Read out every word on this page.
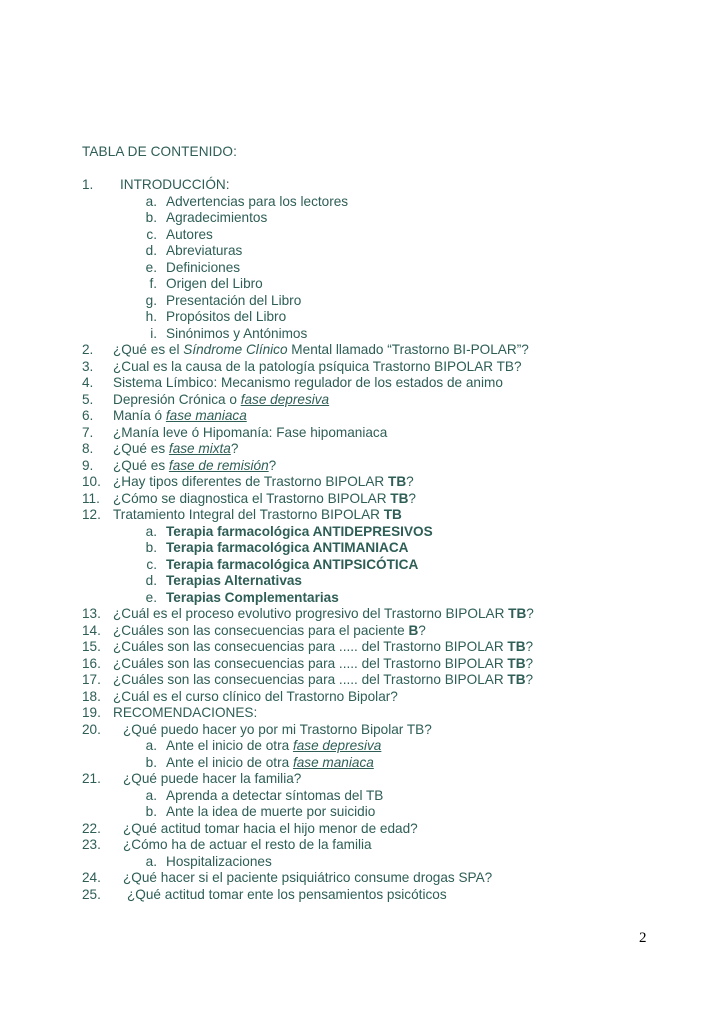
TABLA DE CONTENIDO:
1. INTRODUCCIÓN:
a. Advertencias para los lectores
b. Agradecimientos
c. Autores
d. Abreviaturas
e. Definiciones
f. Origen del Libro
g. Presentación del Libro
h. Propósitos del Libro
i. Sinónimos y Antónimos
2. ¿Qué es el Síndrome Clínico Mental llamado “Trastorno BI-POLAR”?
3. ¿Cual es la causa de la patología psíquica Trastorno BIPOLAR TB?
4. Sistema Límbico: Mecanismo regulador de los estados de animo
5. Depresión Crónica o fase depresiva
6. Manía ó fase maniaca
7. ¿Manía leve ó Hipomanía: Fase hipomaniaca
8. ¿Qué es fase mixta?
9. ¿Qué es fase de remisión?
10. ¿Hay tipos diferentes de Trastorno BIPOLAR TB?
11. ¿Cómo se diagnostica el Trastorno BIPOLAR TB?
12. Tratamiento Integral del Trastorno BIPOLAR TB
a. Terapia farmacológica ANTIDEPRESIVOS
b. Terapia farmacológica ANTIMANIACA
c. Terapia farmacológica ANTIPSICÓTICA
d. Terapias Alternativas
e. Terapias Complementarias
13. ¿Cuál es el proceso evolutivo progresivo del Trastorno BIPOLAR TB?
14. ¿Cuáles son las consecuencias para el paciente B?
15. ¿Cuáles son las consecuencias para ..... del Trastorno BIPOLAR TB?
16. ¿Cuáles son las consecuencias para ..... del Trastorno BIPOLAR TB?
17. ¿Cuáles son las consecuencias para ..... del Trastorno BIPOLAR TB?
18. ¿Cuál es el curso clínico del Trastorno Bipolar?
19. RECOMENDACIONES:
20. ¿Qué puedo hacer yo por mi Trastorno Bipolar TB?
a. Ante el inicio de otra fase depresiva
b. Ante el inicio de otra fase maniaca
21. ¿Qué puede hacer la familia?
a. Aprenda a detectar síntomas del TB
b. Ante la idea de muerte por suicidio
22. ¿Qué actitud tomar hacia el hijo menor de edad?
23. ¿Cómo ha de actuar el resto de la familia
a. Hospitalizaciones
24. ¿Qué hacer si el paciente psiquiátrico consume drogas SPA?
25. ¿Qué actitud tomar ente los pensamientos psicóticos
2
